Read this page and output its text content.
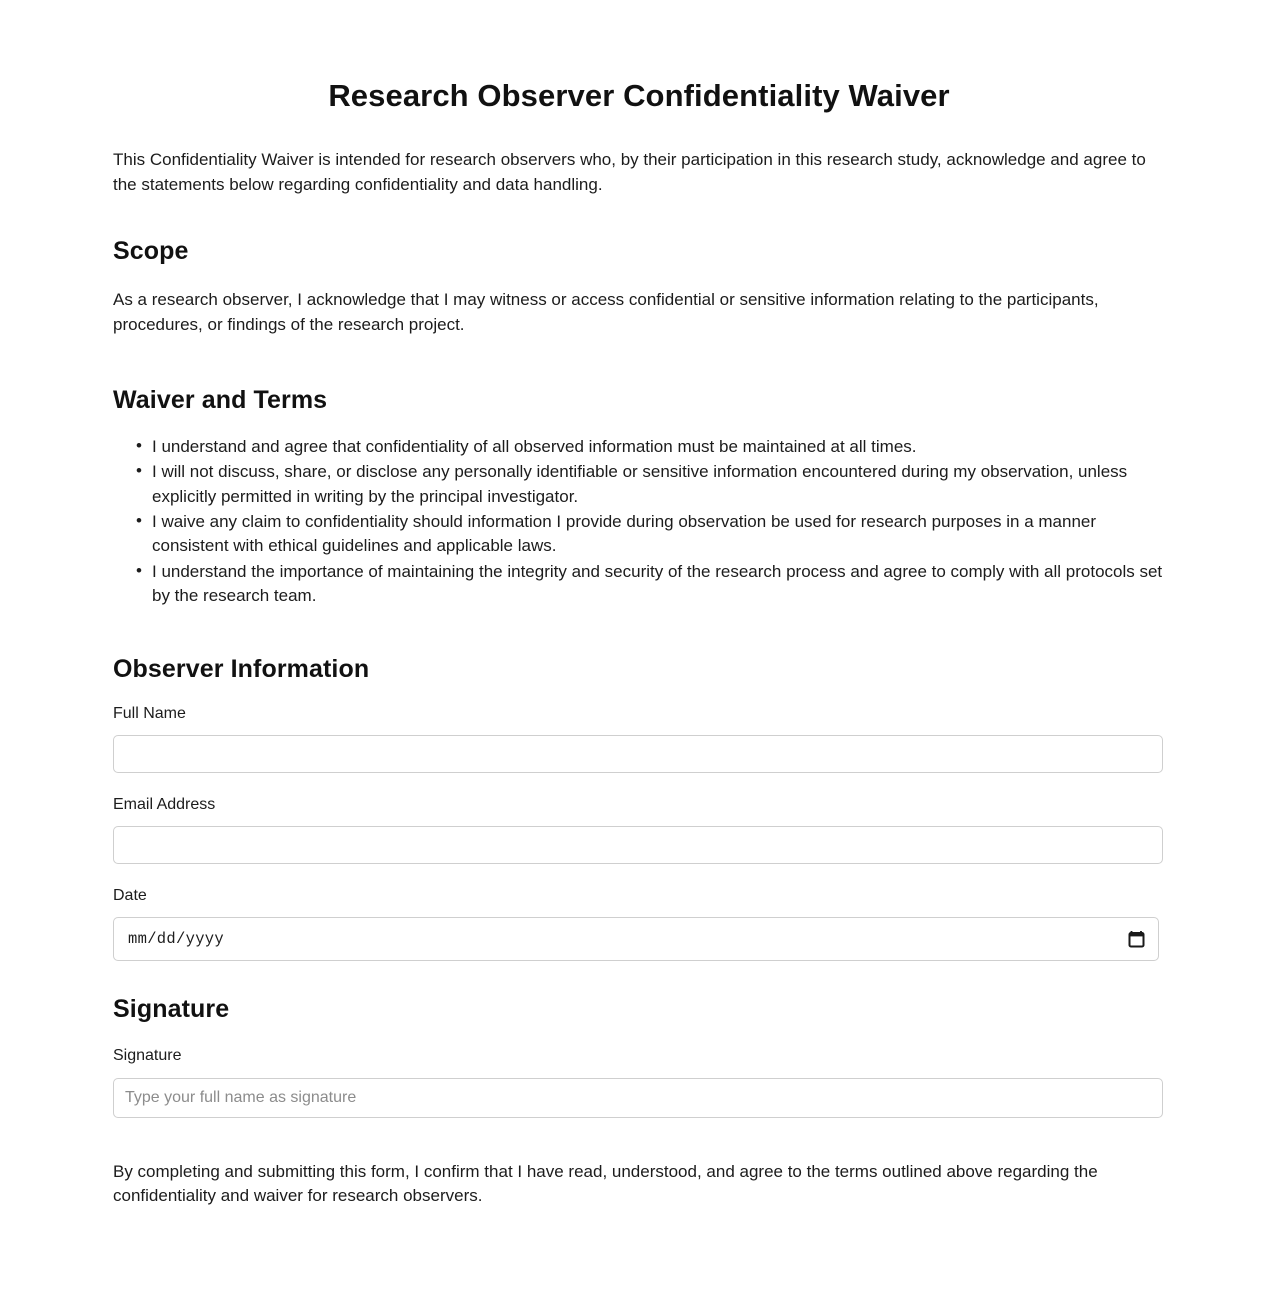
Research Observer Confidentiality Waiver

This Confidentiality Waiver is intended for research observers who, by their participation in this research study, acknowledge and agree to the statements below regarding confidentiality and data handling.

Scope

As a research observer, I acknowledge that I may witness or access confidential or sensitive information relating to the participants, procedures, or findings of the research project.

Waiver and Terms
• I understand and agree that confidentiality of all observed information must be maintained at all times.
• I will not discuss, share, or disclose any personally identifiable or sensitive information encountered during my observation, unless explicitly permitted in writing by the principal investigator.
• I waive any claim to confidentiality should information I provide during observation be used for research purposes in a manner consistent with ethical guidelines and applicable laws.
• I understand the importance of maintaining the integrity and security of the research process and agree to comply with all protocols set by the research team.
Observer Information
Full Name
Email Address
Date
mm/dd/yyyy
Signature
Signature
Type your full name as signature

By completing and submitting this form, I confirm that I have read, understood, and agree to the terms outlined above regarding the confidentiality and waiver for research observers.
